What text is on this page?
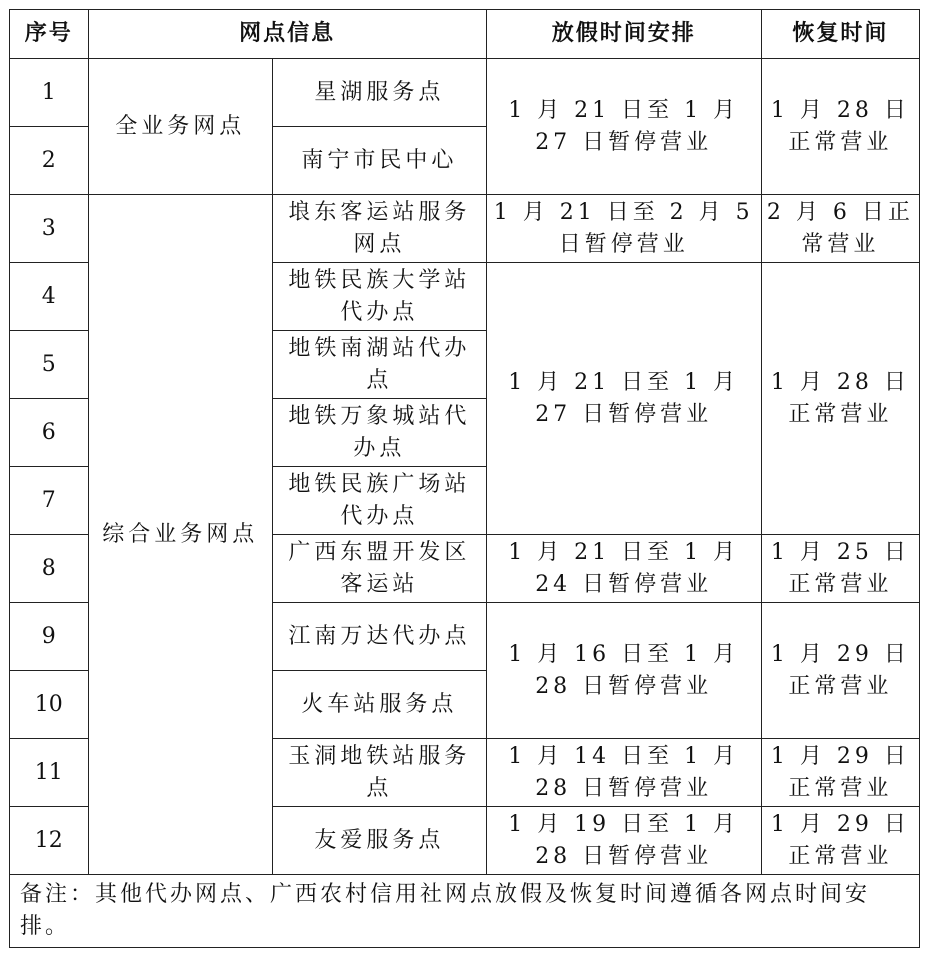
序号	网点信息		放假时间安排	恢复时间
1	全业务网点	星湖服务点	1 月 21 日至 1 月 27 日暂停营业	1 月 28 日正常营业
2		南宁市民中心		
3	综合业务网点	埌东客运站服务网点	1 月 21 日至 2 月 5 日暂停营业	2 月 6 日正常营业
4		地铁民族大学站代办点	1 月 21 日至 1 月 27 日暂停营业	1 月 28 日正常营业
5		地铁南湖站代办点		
6		地铁万象城站代办点		
7		地铁民族广场站代办点		
8		广西东盟开发区客运站	1 月 21 日至 1 月 24 日暂停营业	1 月 25 日正常营业
9		江南万达代办点	1 月 16 日至 1 月 28 日暂停营业	1 月 29 日正常营业
10		火车站服务点		
11		玉洞地铁站服务点	1 月 14 日至 1 月 28 日暂停营业	1 月 29 日正常营业
12		友爱服务点	1 月 19 日至 1 月 28 日暂停营业	1 月 29 日正常营业
备注：其他代办网点、广西农村信用社网点放假及恢复时间遵循各网点时间安排。				
